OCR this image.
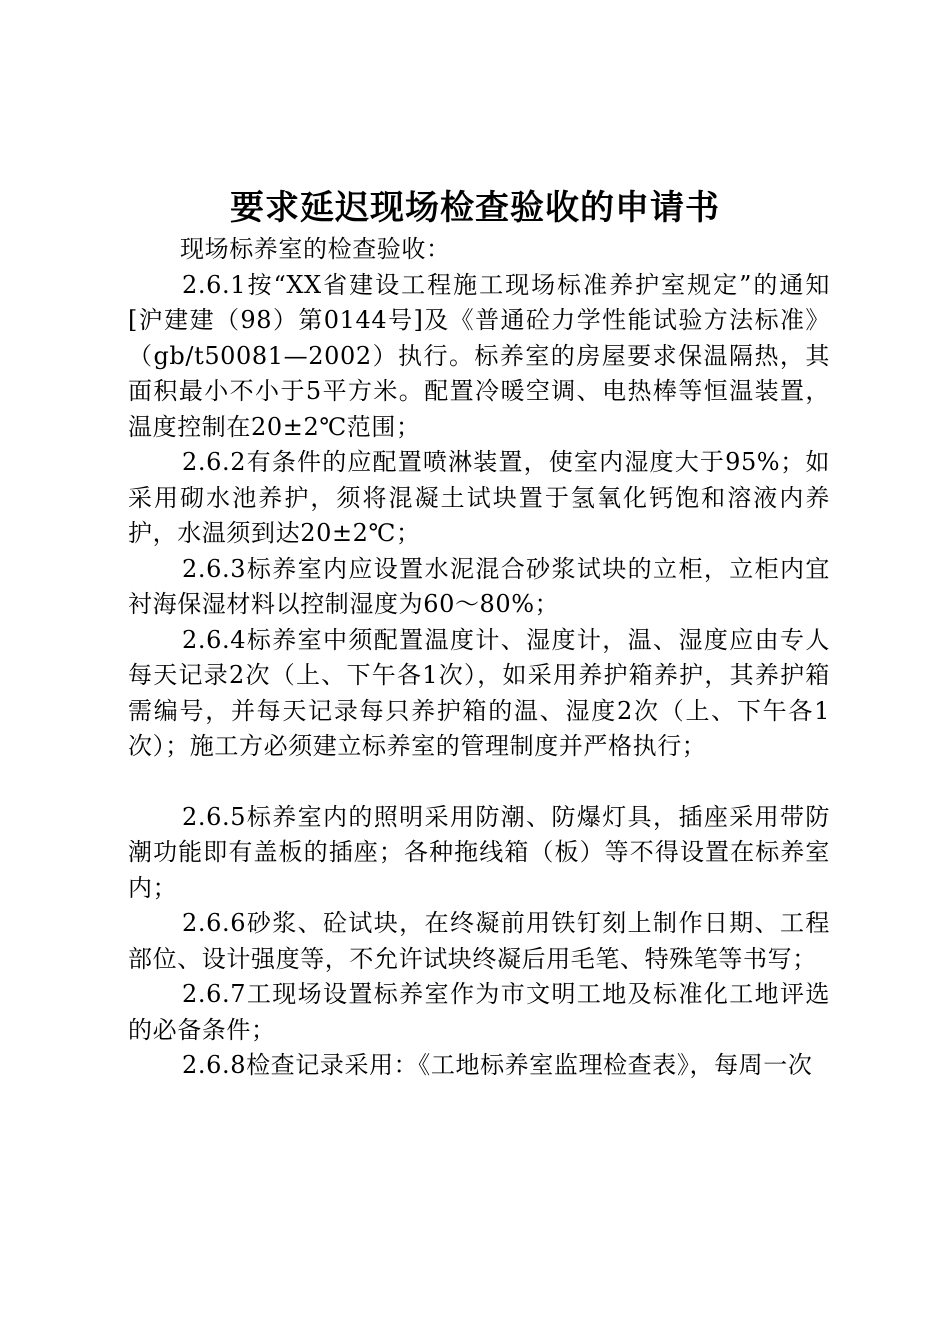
要求延迟现场检查验收的申请书

现场标养室的检查验收：

2.6.1按“XX省建设工程施工现场标准养护室规定”的通知[沪建建（98）第0144号]及《普通砼力学性能试验方法标准》（gb/t50081—2002）执行。标养室的房屋要求保温隔热，其面积最小不小于5平方米。配置冷暖空调、电热棒等恒温装置，温度控制在20±2℃范围；

2.6.2有条件的应配置喷淋装置，使室内湿度大于95%；如采用砌水池养护，须将混凝土试块置于氢氧化钙饱和溶液内养护，水温须到达20±2℃；

2.6.3标养室内应设置水泥混合砂浆试块的立柜，立柜内宜衬海保湿材料以控制湿度为60～80%；

2.6.4标养室中须配置温度计、湿度计，温、湿度应由专人每天记录2次（上、下午各1次），如采用养护箱养护，其养护箱需编号，并每天记录每只养护箱的温、湿度2次（上、下午各1次）；施工方必须建立标养室的管理制度并严格执行；

2.6.5标养室内的照明采用防潮、防爆灯具，插座采用带防潮功能即有盖板的插座；各种拖线箱（板）等不得设置在标养室内；

2.6.6砂浆、砼试块，在终凝前用铁钉刻上制作日期、工程部位、设计强度等，不允许试块终凝后用毛笔、特殊笔等书写；

2.6.7工现场设置标养室作为市文明工地及标准化工地评选的必备条件；

2.6.8检查记录采用：《工地标养室监理检查表》，每周一次
